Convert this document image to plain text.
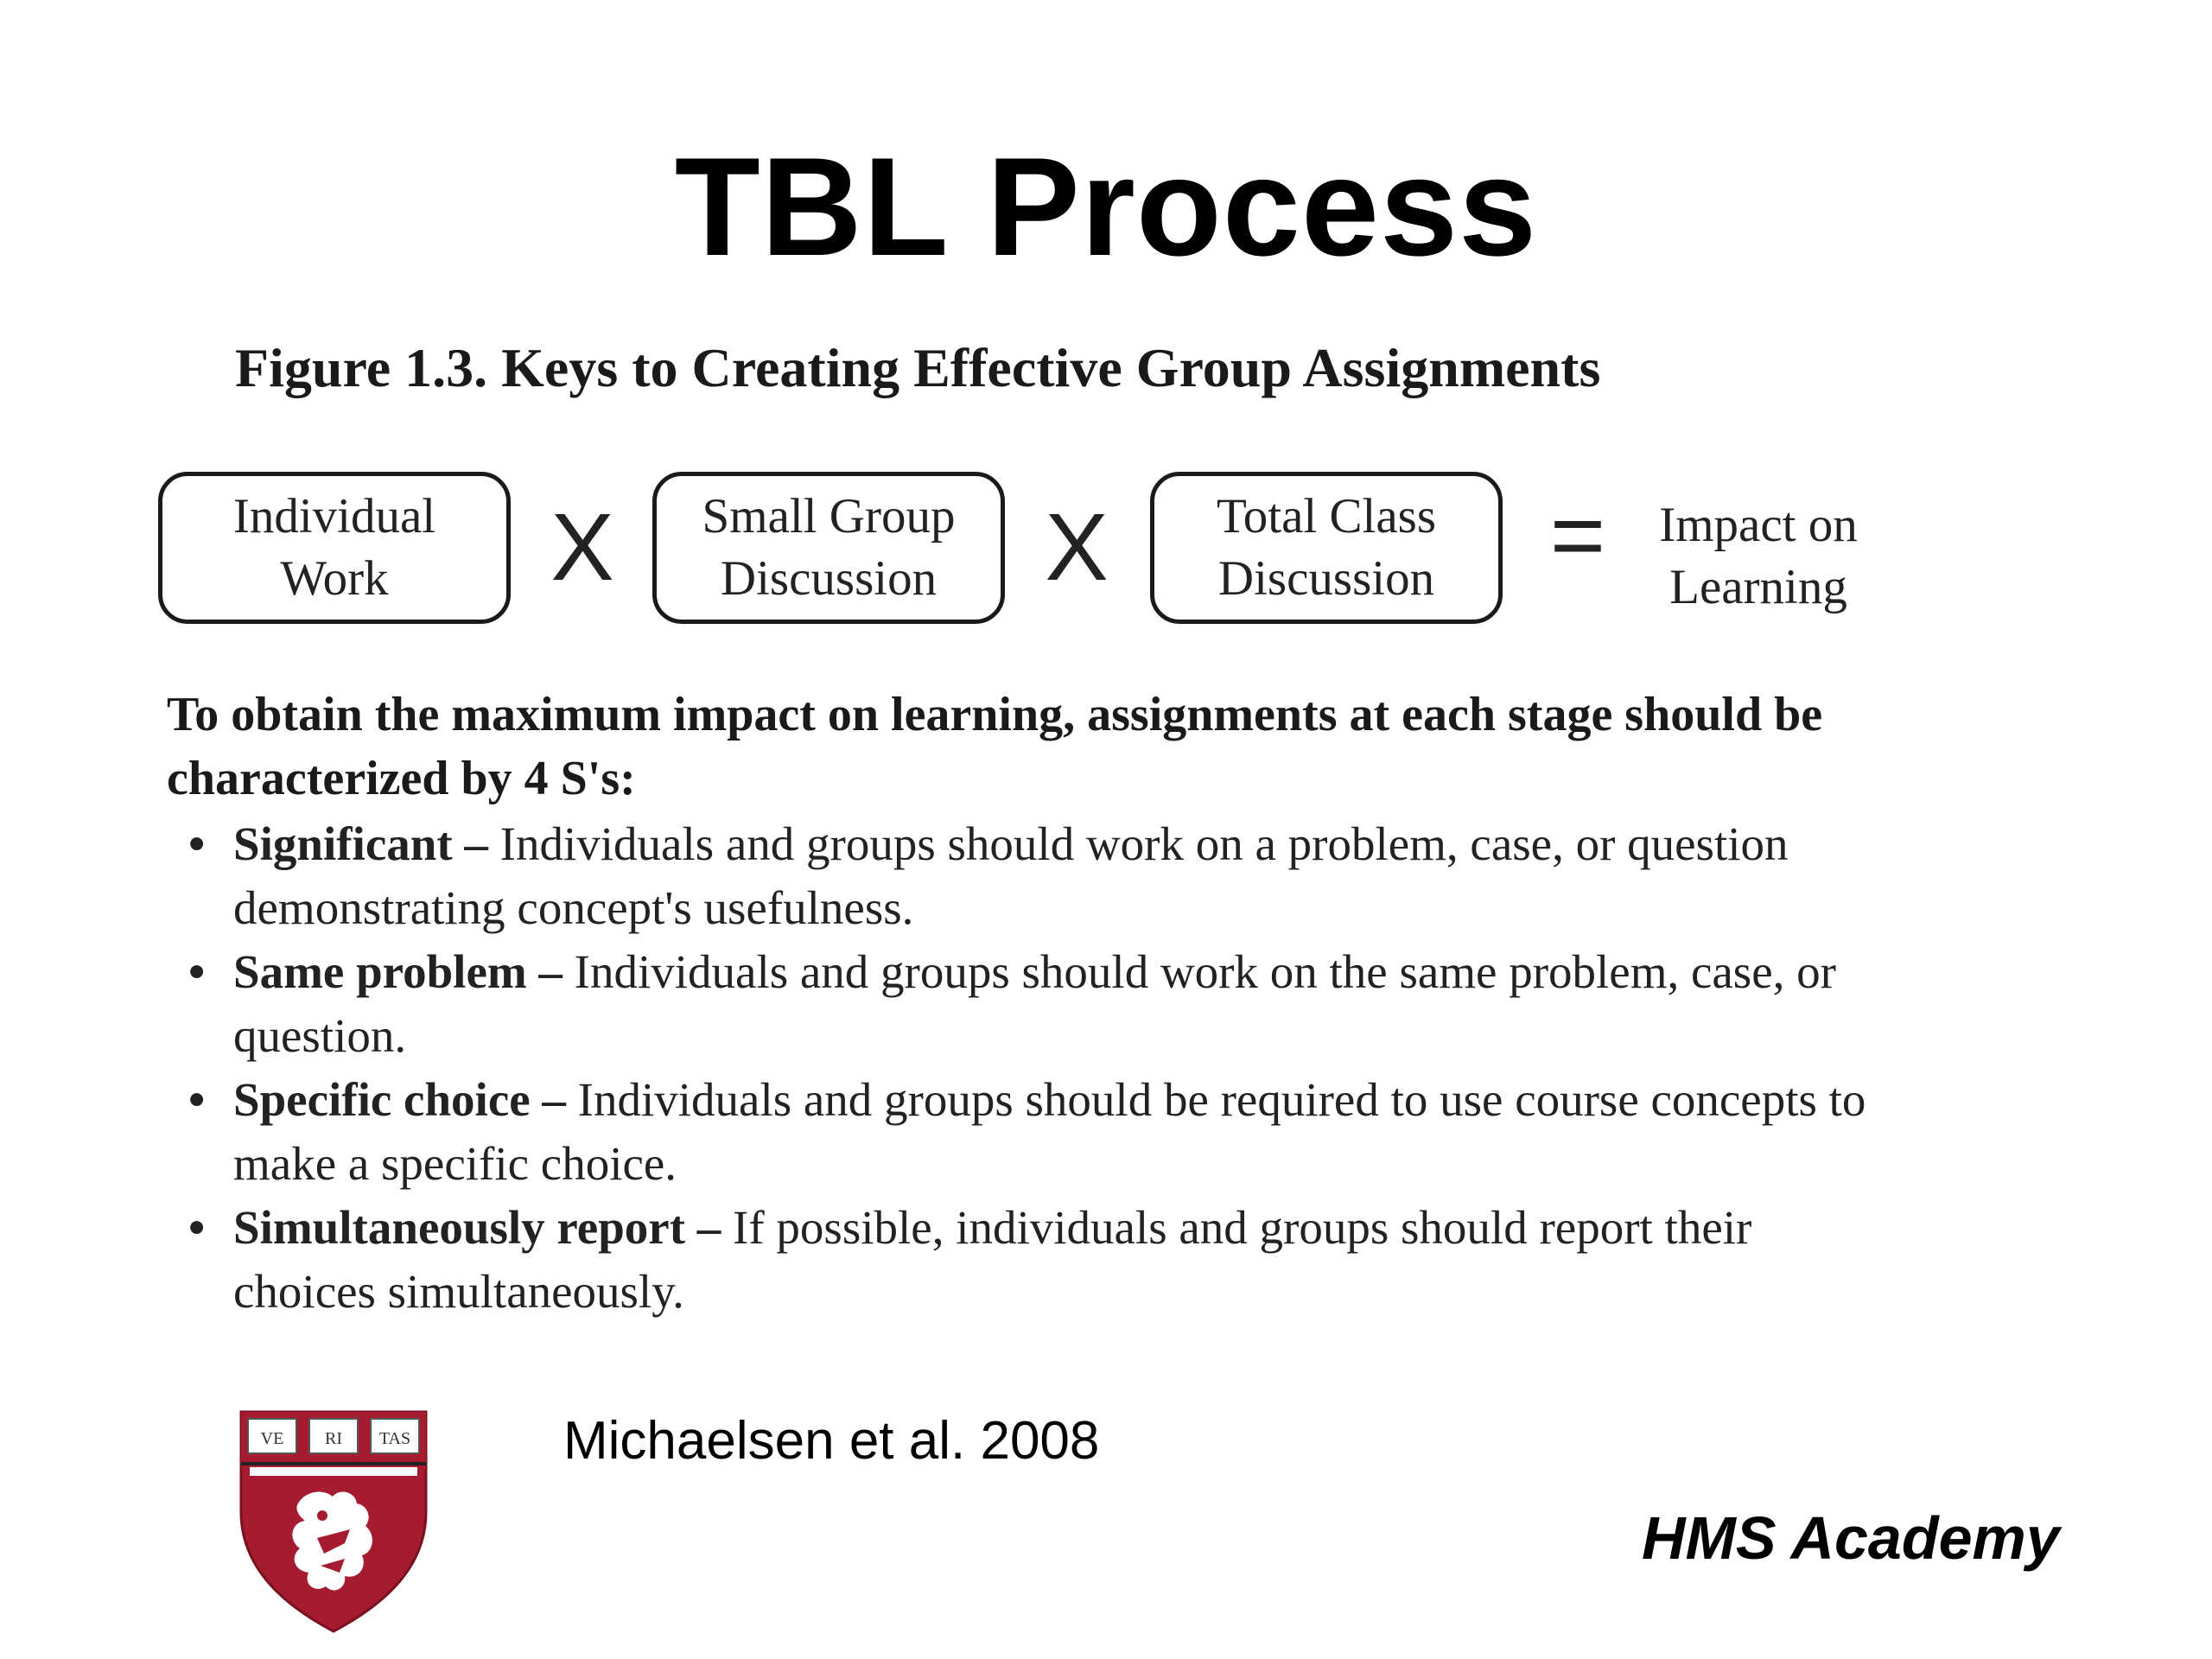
TBL Process
Figure 1.3. Keys to Creating Effective Group Assignments
Individual
Work	X Small Group
Discussion X Total Class
Discussion =	Impact on
Learning
To obtain the maximum impact on learning, assignments at each stage should be characterized by 4 S's:
• Significant – Individuals and groups should work on a problem, case, or question demonstrating concept's usefulness.
• Same problem – Individuals and groups should work on the same problem, case, or question.
• Specific choice – Individuals and groups should be required to use course concepts to make a specific choice.
• Simultaneously report – If possible, individuals and groups should report their choices simultaneously.
VE RI TAS	Michaelsen et al. 2008
HMS Academy
